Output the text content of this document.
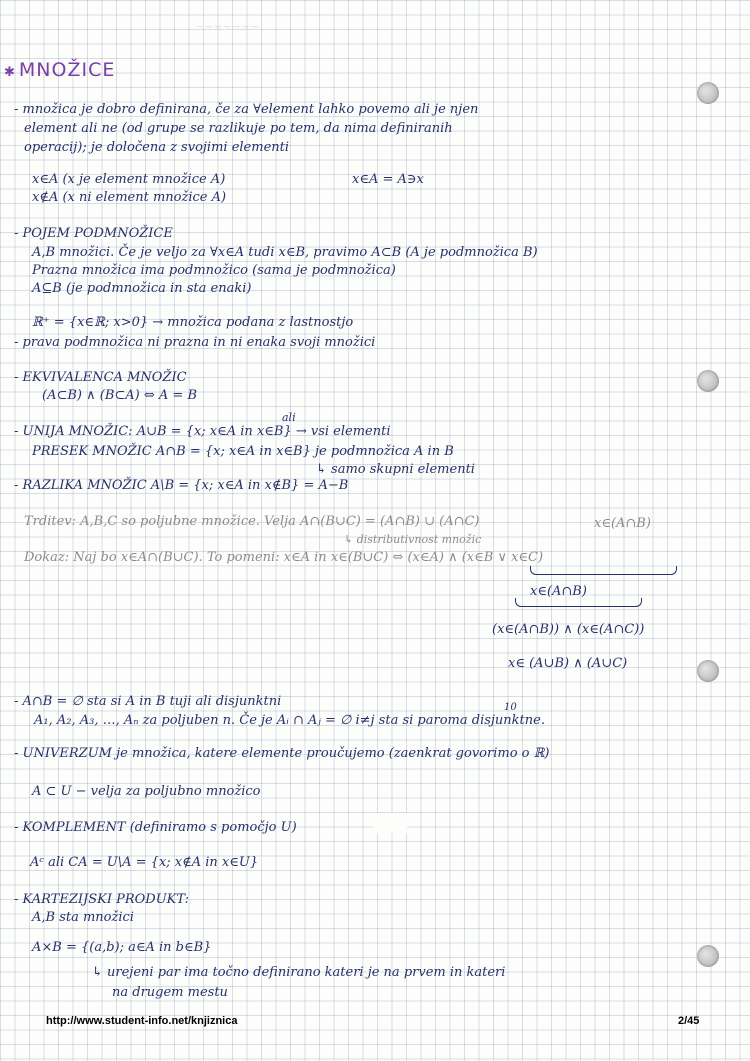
~~~~~~~
✱ MNOŽICE
- množica je dobro definirana, če za ∀element lahko povemo ali je njen
element ali ne (od grupe se razlikuje po tem, da nima definiranih
operacij); je določena z svojimi elementi
x∈A (x je element množice A)	x∈A = A∋x
x∉A (x ni element množice A)
- POJEM PODMNOŽICE
A,B množici. Če je veljo za ∀x∈A tudi x∈B, pravimo A⊂B (A je podmnožica B)
Prazna množica ima podmnožico (sama je podmnožica)
A⊆B (je podmnožica in sta enaki)
ℝ⁺ = {x∈ℝ; x>0} → množica podana z lastnostjo
- prava podmnožica ni prazna in ni enaka svoji množici
- EKVIVALENCA MNOŽIC
(A⊂B) ∧ (B⊂A) ⇔ A = B
ali
- UNIJA MNOŽIC: A∪B = {x; x∈A in x∈B} → vsi elementi
PRESEK MNOŽIC A∩B = {x; x∈A in x∈B} je podmnožica A in B
↳ samo skupni elementi
- RAZLIKA MNOŽIC A\B = {x; x∈A in x∉B} = A−B
Trditev: A,B,C so poljubne množice. Velja A∩(B∪C) = (A∩B) ∪ (A∩C)	x∈(A∩B)
↳ distributivnost množic
Dokaz: Naj bo x∈A∩(B∪C). To pomeni: x∈A in x∈(B∪C) ⇔ (x∈A) ∧ (x∈B ∨ x∈C)
x∈(A∩B)
(x∈(A∩B)) ∧ (x∈(A∩C))
x∈ (A∪B) ∧ (A∪C)
- A∩B = ∅ sta si A in B tuji ali disjunktni	10
A₁, A₂, A₃, …, Aₙ za poljuben n. Če je Aᵢ ∩ Aⱼ = ∅ i≠j sta si paroma disjunktne.
- UNIVERZUM je množica, katere elemente proučujemo (zaenkrat govorimo o ℝ)
A ⊂ U − velja za poljubno množico
- KOMPLEMENT (definiramo s pomočjo U)
Aᶜ ali CA = U\A = {x; x∉A in x∈U}
- KARTEZIJSKI PRODUKT:
A,B sta množici
A×B = {(a,b); a∈A in b∈B}
↳ urejeni par ima točno definirano kateri je na prvem in kateri
na drugem mestu
http://www.student-info.net/knjiznica	2/45
